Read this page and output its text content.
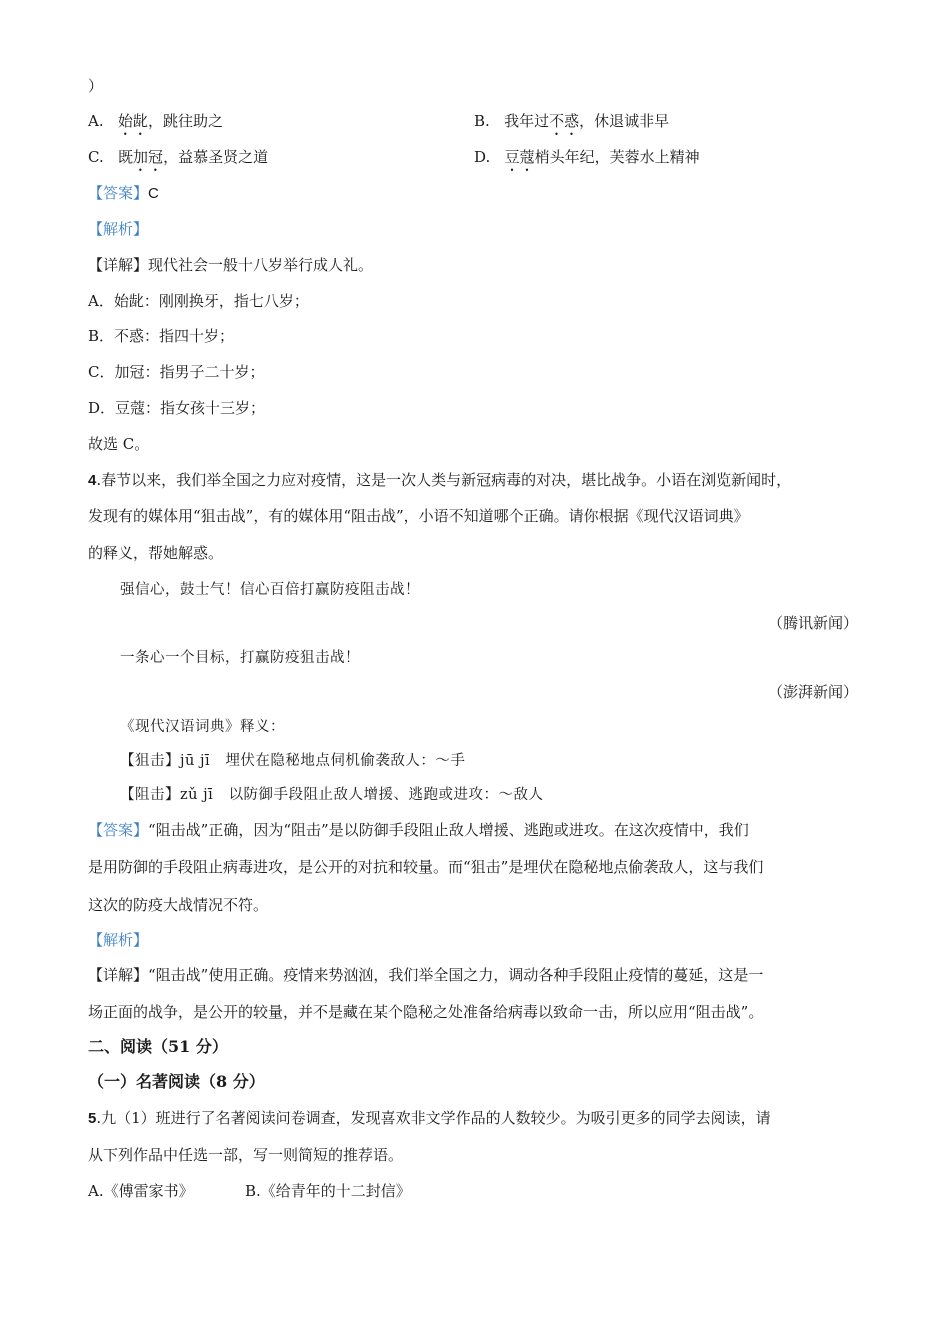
）
A. 始龀，跳往助之	B. 我年过不惑，休退诚非早
C. 既加冠，益慕圣贤之道	D. 豆蔻梢头年纪，芙蓉水上精神
【答案】C
【解析】
【详解】现代社会一般十八岁举行成人礼。
A．始龀：刚刚换牙，指七八岁；
B．不惑：指四十岁；
C．加冠：指男子二十岁；
D．豆蔻：指女孩十三岁；
故选 C。
4.春节以来，我们举全国之力应对疫情，这是一次人类与新冠病毒的对决，堪比战争。小语在浏览新闻时，
发现有的媒体用“狙击战”，有的媒体用“阻击战”，小语不知道哪个正确。请你根据《现代汉语词典》
的释义，帮她解惑。
强信心，鼓士气！信心百倍打赢防疫阻击战！
（腾讯新闻）
一条心一个目标，打赢防疫狙击战！
（澎湃新闻）
《现代汉语词典》释义：
【狙击】jū jī 埋伏在隐秘地点伺机偷袭敌人：～手
【阻击】zǔ jī 以防御手段阻止敌人增援、逃跑或进攻：～敌人
【答案】“阻击战”正确，因为“阻击”是以防御手段阻止敌人增援、逃跑或进攻。在这次疫情中，我们
是用防御的手段阻止病毒进攻，是公开的对抗和较量。而“狙击”是埋伏在隐秘地点偷袭敌人，这与我们
这次的防疫大战情况不符。
【解析】
【详解】“阻击战”使用正确。疫情来势汹汹，我们举全国之力，调动各种手段阻止疫情的蔓延，这是一
场正面的战争，是公开的较量，并不是藏在某个隐秘之处准备给病毒以致命一击，所以应用“阻击战”。
二、阅读（51 分）
（一）名著阅读（8 分）
5.九（1）班进行了名著阅读问卷调查，发现喜欢非文学作品的人数较少。为吸引更多的同学去阅读，请
从下列作品中任选一部，写一则简短的推荐语。
A.《傅雷家书》	B.《给青年的十二封信》
